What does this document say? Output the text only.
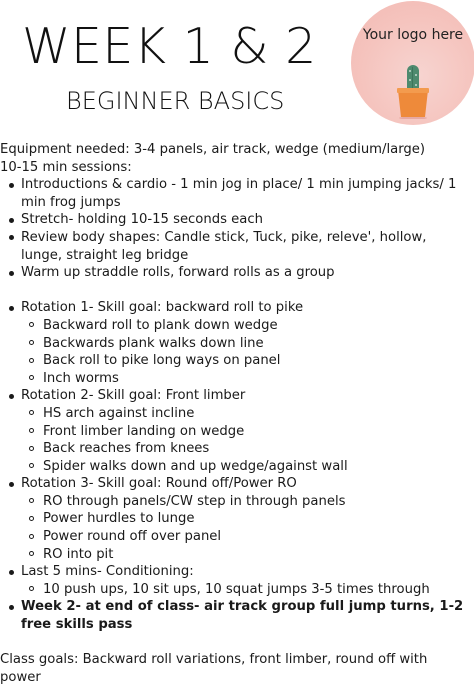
WEEK 1 & 2
BEGINNER BASICS
Your logo here

Equipment needed: 3-4 panels, air track, wedge (medium/large)

10-15 min sessions:

Introductions & cardio - 1 min jog in place/ 1 min jumping jacks/ 1 min frog jumps
Stretch- holding 10-15 seconds each
Review body shapes: Candle stick, Tuck, pike, releve', hollow, lunge, straight leg bridge
Warm up straddle rolls, forward rolls as a group
Rotation 1- Skill goal: backward roll to pike
Backward roll to plank down wedge
Backwards plank walks down line
Back roll to pike long ways on panel
Inch worms
Rotation 2- Skill goal: Front limber
HS arch against incline
Front limber landing on wedge
Back reaches from knees
Spider walks down and up wedge/against wall
Rotation 3- Skill goal: Round off/Power RO
RO through panels/CW step in through panels
Power hurdles to lunge
Power round off over panel
RO into pit
Last 5 mins- Conditioning:
10 push ups, 10 sit ups, 10 squat jumps 3-5 times through
Week 2- at end of class- air track group full jump turns, 1-2 free skills pass

Class goals: Backward roll variations, front limber, round off with power
